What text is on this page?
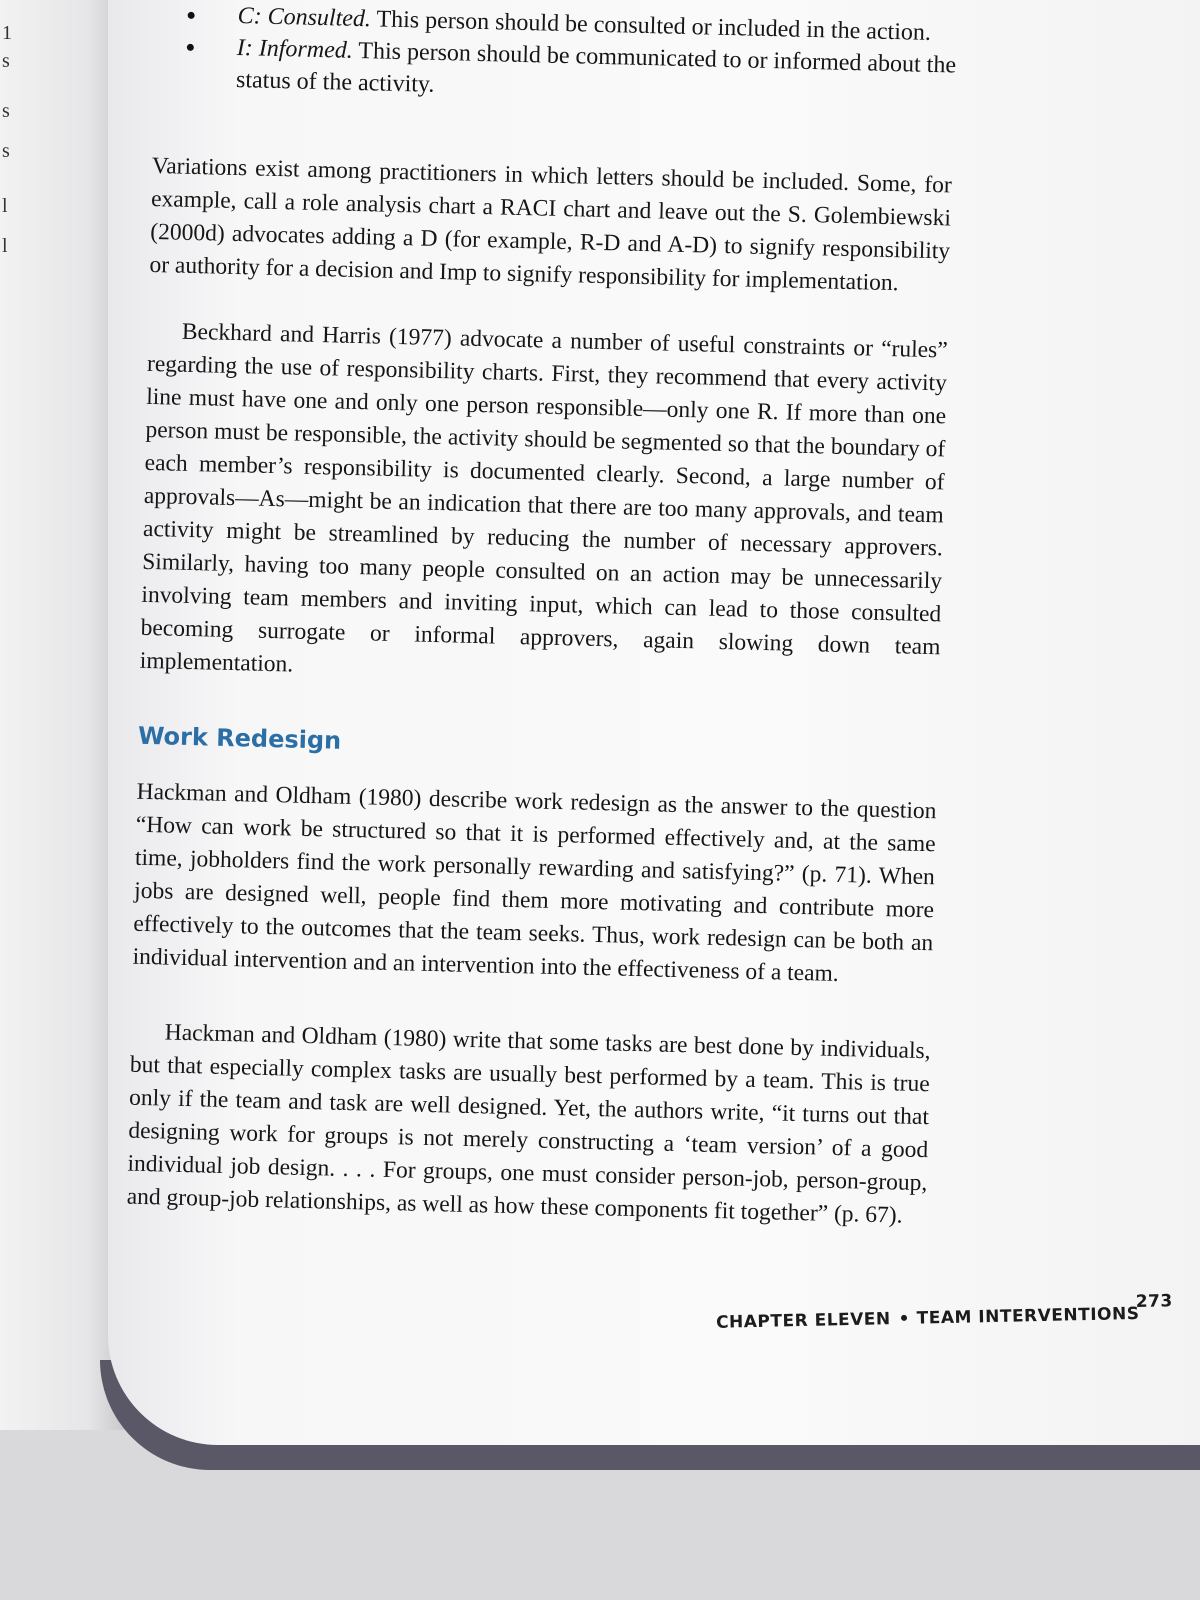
1
s
s
s
l
l
C: Consulted. This person should be consulted or included in the action.
I: Informed. This person should be communicated to or informed about the status of the activity.

Variations exist among practitioners in which letters should be included. Some, for example, call a role analysis chart a RACI chart and leave out the S. Golembiewski (2000d) advocates adding a D (for example, R-D and A-D) to signify responsibility or authority for a decision and Imp to signify responsibility for implementation.

Beckhard and Harris (1977) advocate a number of useful constraints or “rules” regarding the use of responsibility charts. First, they recommend that every activity line must have one and only one person responsible—only one R. If more than one person must be responsible, the activity should be segmented so that the boundary of each member’s responsibility is documented clearly. Second, a large number of approvals—As—might be an indication that there are too many approvals, and team activity might be streamlined by reducing the number of necessary approvers. Similarly, having too many people consulted on an action may be unnecessarily involving team members and inviting input, which can lead to those consulted becoming surrogate or informal approvers, again slowing down team implementation.

Work Redesign

Hackman and Oldham (1980) describe work redesign as the answer to the question “How can work be structured so that it is performed effectively and, at the same time, jobholders find the work personally rewarding and satisfying?” (p. 71). When jobs are designed well, people find them more motivating and contribute more effectively to the outcomes that the team seeks. Thus, work redesign can be both an individual intervention and an intervention into the effectiveness of a team.

Hackman and Oldham (1980) write that some tasks are best done by individuals, but that especially complex tasks are usually best performed by a team. This is true only if the team and task are well designed. Yet, the authors write, “it turns out that designing work for groups is not merely constructing a ‘team version’ of a good individual job design. . . . For groups, one must consider person-job, person-group, and group-job relationships, as well as how these components fit together” (p. 67).

CHAPTER ELEVEN TEAM INTERVENTIONS
273
